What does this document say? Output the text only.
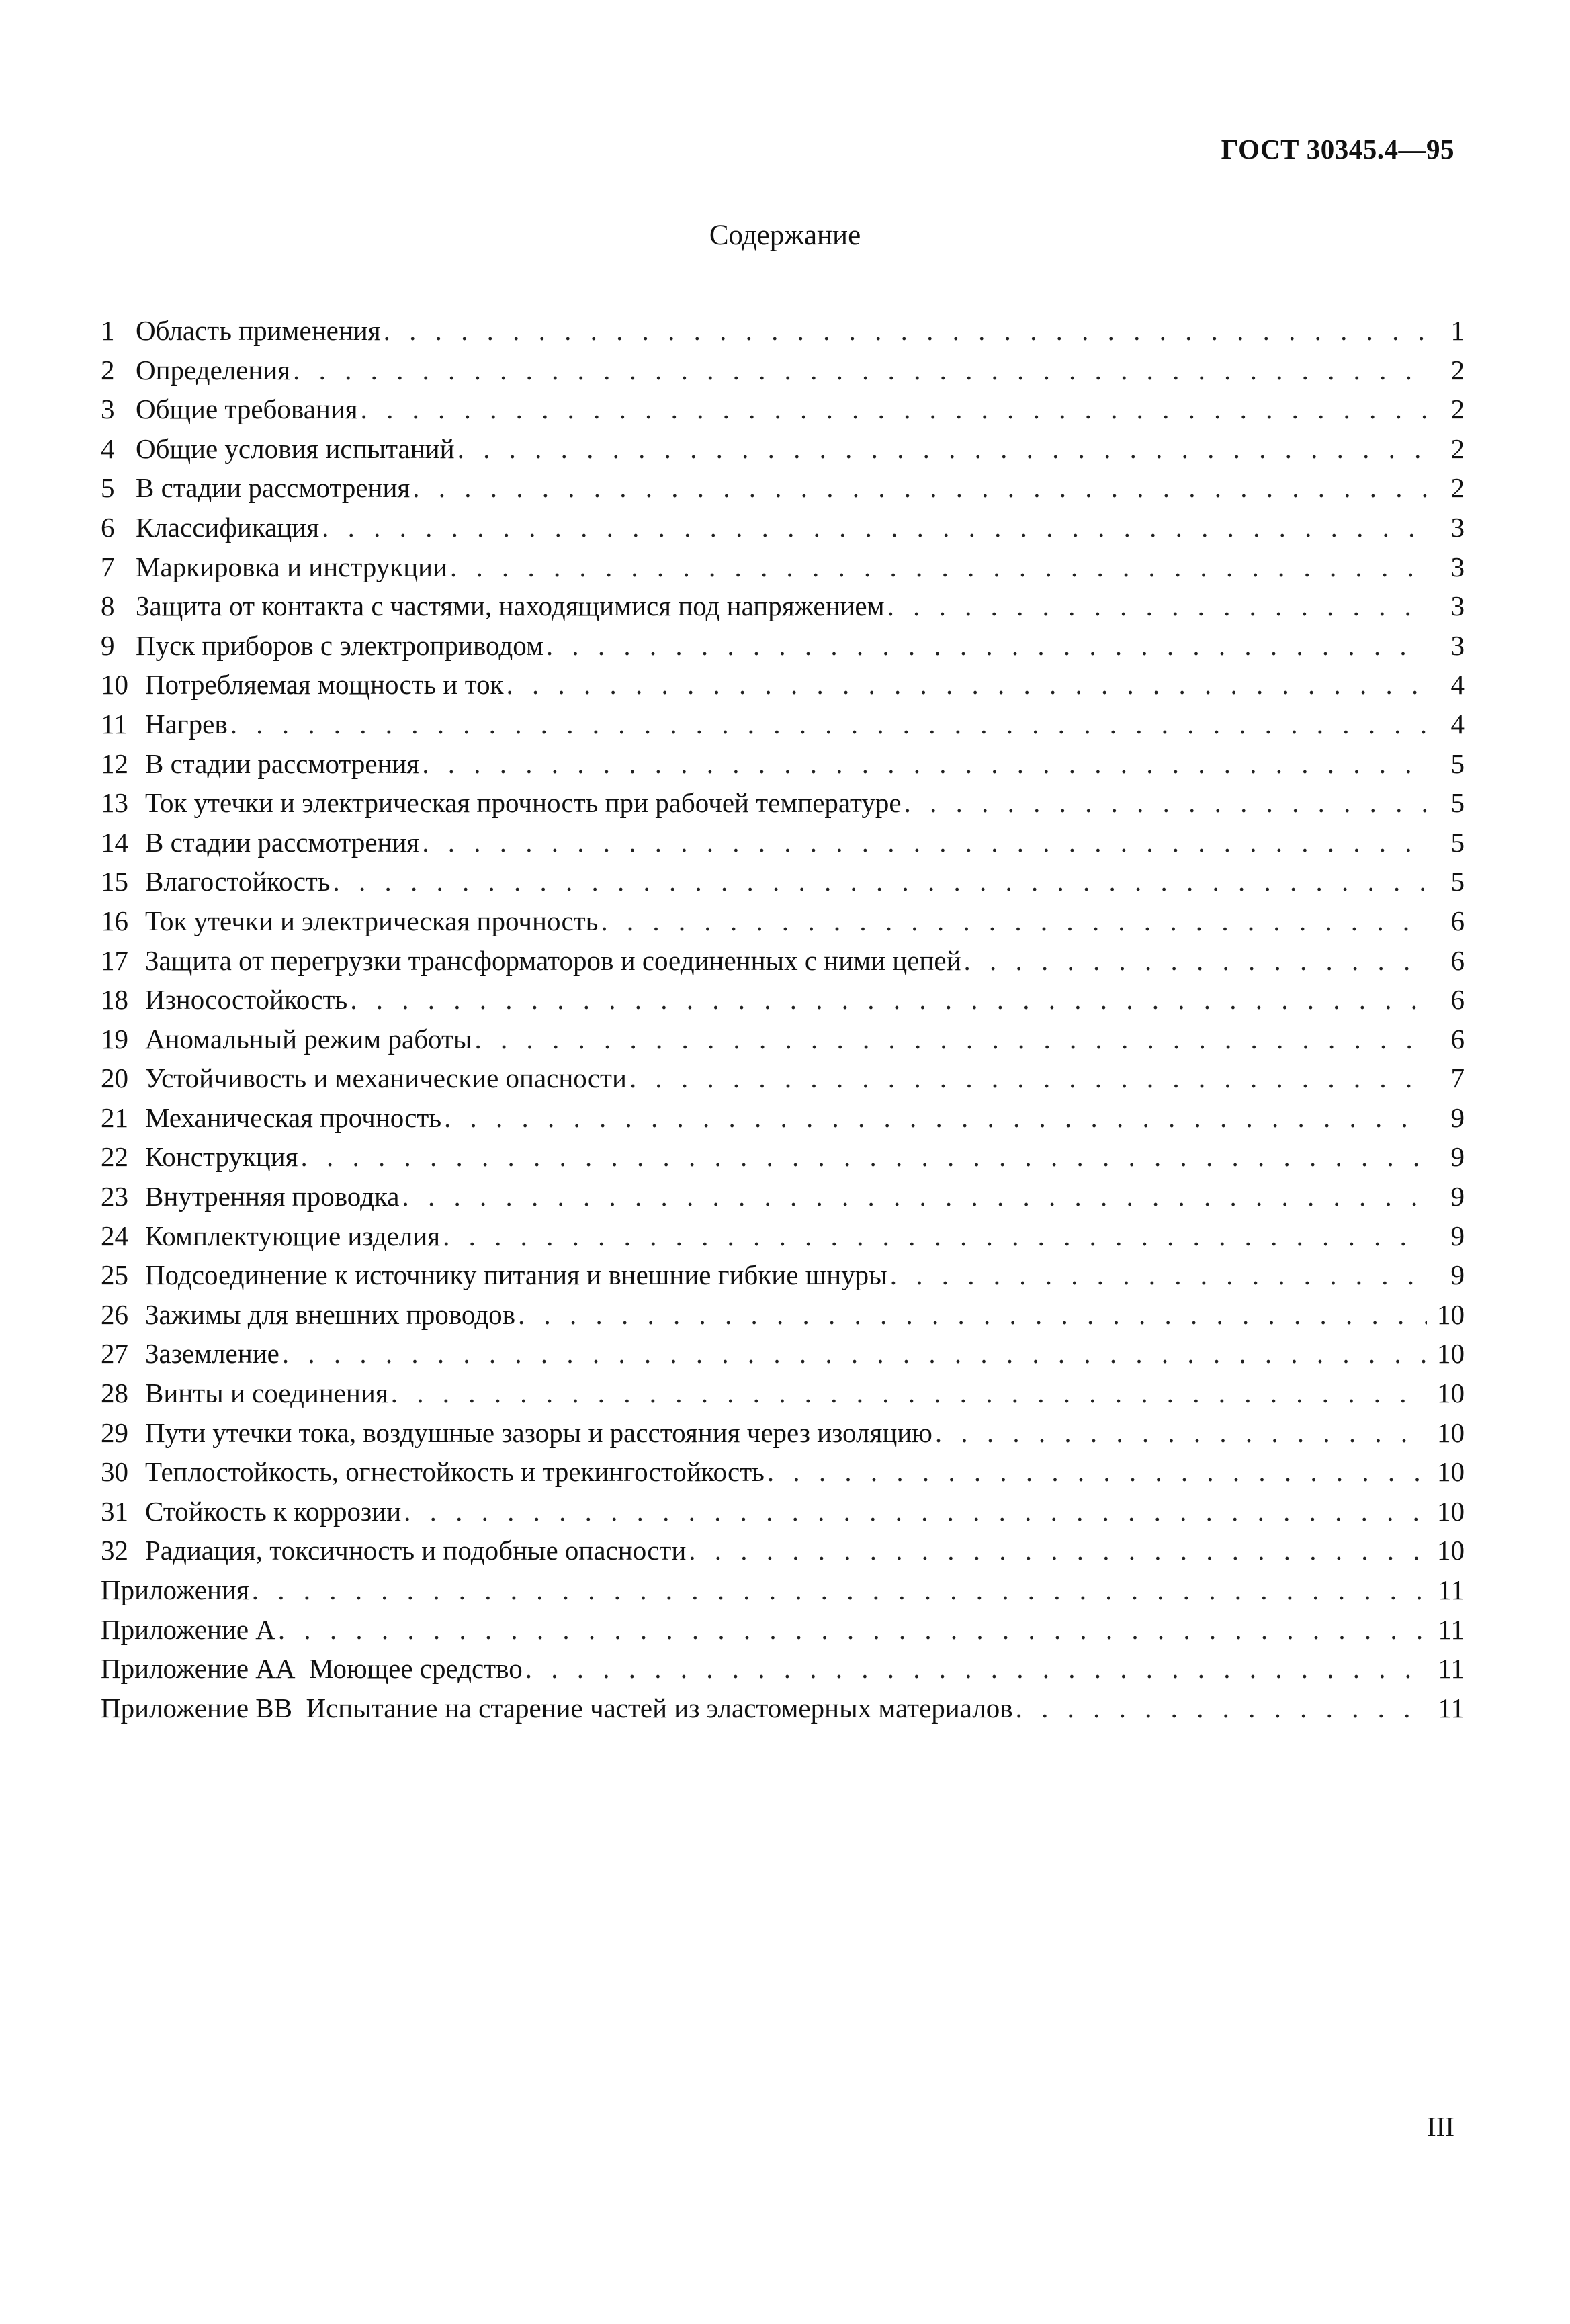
ГОСТ 30345.4—95

Содержание
1 Область применения . . .	1
2 Определения . . .	2
3 Общие требования . . .	2
4 Общие условия испытаний . . .	2
5 В стадии рассмотрения . . .	2
6 Классификация . . .	3
7 Маркировка и инструкции . . .	3
8 Защита от контакта с частями, находящимися под напряжением . . .	3
9 Пуск приборов с электроприводом . . .	3
10 Потребляемая мощность и ток . . .	4
11 Нагрев . . .	4
12 В стадии рассмотрения . . .	5
13 Ток утечки и электрическая прочность при рабочей температуре . . .	5
14 В стадии рассмотрения . . .	5
15 Влагостойкость . . .	5
16 Ток утечки и электрическая прочность . . .	6
17 Защита от перегрузки трансформаторов и соединенных с ними цепей . . .	6
18 Износостойкость . . .	6
19 Аномальный режим работы . . .	6
20 Устойчивость и механические опасности . . .	7
21 Механическая прочность . . .	9
22 Конструкция . . .	9
23 Внутренняя проводка . . .	9
24 Комплектующие изделия . . .	9
25 Подсоединение к источнику питания и внешние гибкие шнуры . . .	9
26 Зажимы для внешних проводов . . .	10
27 Заземление . . .	10
28 Винты и соединения . . .	10
29 Пути утечки тока, воздушные зазоры и расстояния через изоляцию . . .	10
30 Теплостойкость, огнестойкость и трекингостойкость . . .	10
31 Стойкость к коррозии . . .	10
32 Радиация, токсичность и подобные опасности . . .	10
Приложения . . .	11
Приложение А . . .	11
Приложение АА  Моющее средство . . .	11
Приложение ВВ  Испытание на старение частей из эластомерных материалов . . .	11

III
